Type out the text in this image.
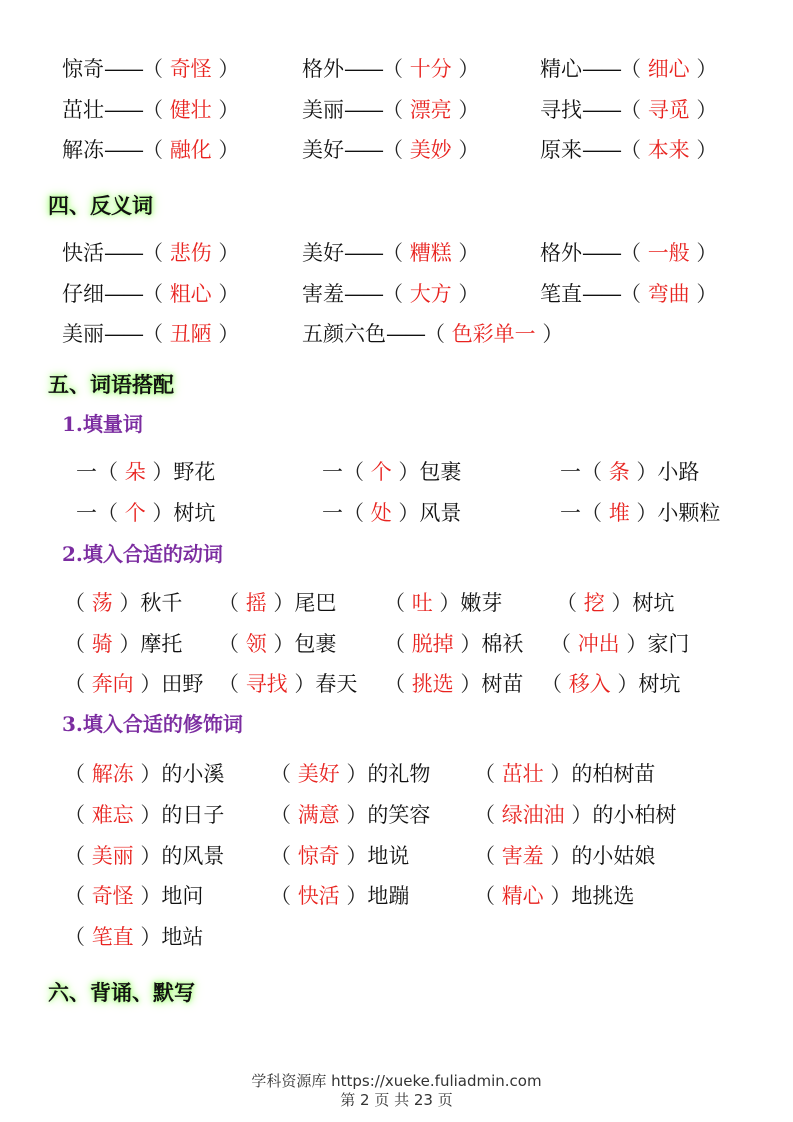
惊奇——（ 奇怪 ）	格外——（ 十分 ）	精心——（ 细心 ）
茁壮——（ 健壮 ）	美丽——（ 漂亮 ）	寻找——（ 寻觅 ）
解冻——（ 融化 ）	美好——（ 美妙 ）	原来——（ 本来 ）
四、反义词
快活——（ 悲伤 ）	美好——（ 糟糕 ）	格外——（ 一般 ）
仔细——（ 粗心 ）	害羞——（ 大方 ）	笔直——（ 弯曲 ）
美丽——（ 丑陋 ）	五颜六色——（ 色彩单一 ）
五、词语搭配
1.填量词
一（ 朵 ）野花	一（ 个 ）包裹	一（ 条 ）小路
一（ 个 ）树坑	一（ 处 ）风景	一（ 堆 ）小颗粒
2.填入合适的动词
（ 荡 ）秋千 （ 摇 ）尾巴 （ 吐 ）嫩芽	（ 挖 ）树坑
（ 骑 ）摩托 （ 领 ）包裹 （ 脱掉 ）棉袄 （ 冲出 ）家门
（ 奔向 ）田野 （ 寻找 ）春天 （ 挑选 ）树苗 （ 移入 ）树坑
3.填入合适的修饰词
（ 解冻 ）的小溪 （ 美好 ）的礼物 （ 茁壮 ）的柏树苗
（ 难忘 ）的日子 （ 满意 ）的笑容 （ 绿油油 ）的小柏树
（ 美丽 ）的风景 （ 惊奇 ）地说	（ 害羞 ）的小姑娘
（ 奇怪 ）地问	（ 快活 ）地蹦	（ 精心 ）地挑选
（ 笔直 ）地站
六、背诵、默写
学科资源库 https://xueke.fuliadmin.com
第 2 页 共 23 页
